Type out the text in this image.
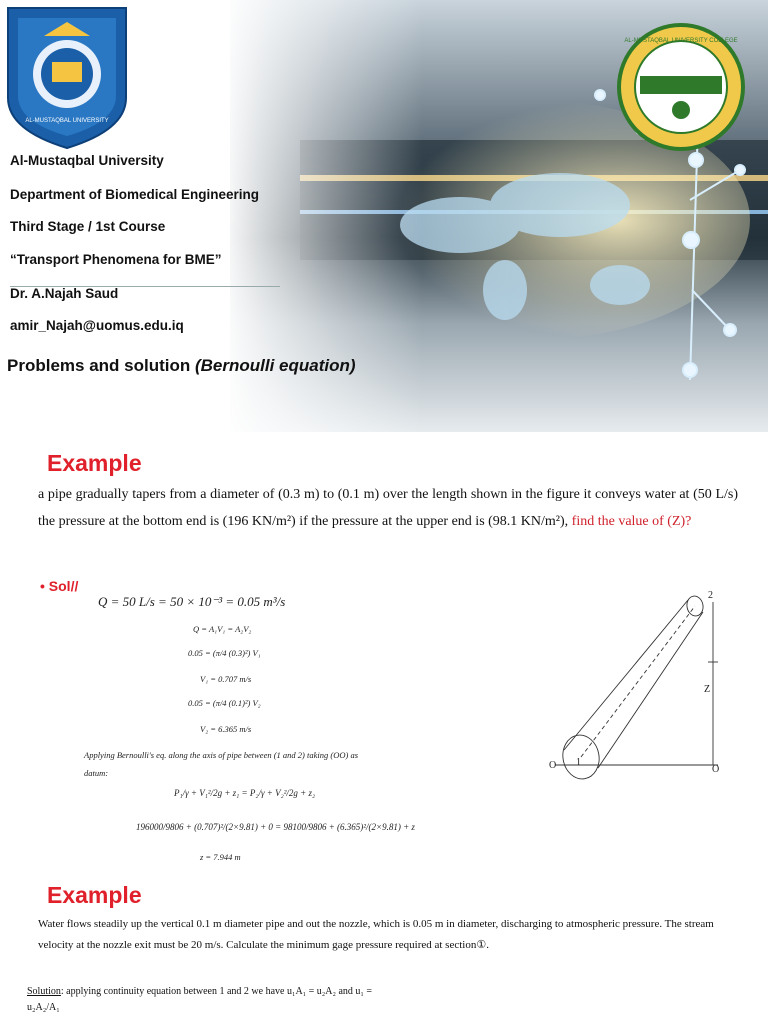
AL-MUSTAQBAL UNIVERSITY
AL-MUSTAQBAL UNIVERSITY COLLEGE
Al-Mustaqbal University
Department of Biomedical Engineering
Third Stage / 1st Course
“Transport Phenomena for BME”
Dr. A.Najah Saud
amir_Najah@uomus.edu.iq
Problems and solution (Bernoulli equation)
Example
a pipe gradually tapers from a diameter of (0.3 m) to (0.1 m) over the length shown in the figure it conveys water at (50 L/s) the pressure at the bottom end is (196 KN/m²) if the pressure at the upper end is (98.1 KN/m²), find the value of (Z)?
• Sol//
Q = 50 L/s = 50 × 10⁻³ = 0.05 m³/s
Q = A₁V₁ = A₂V₂
0.05 = (π/4 (0.3)²) V₁
V₁ = 0.707 m/s
0.05 = (π/4 (0.1)²) V₂
V₂ = 6.365 m/s
Applying Bernoulli's eq. along the axis of pipe between (1 and 2) taking (OO) as datum:
P₁/γ + V₁²/2g + z₁ = P₂/γ + V₂²/2g + z₂
196000/9806 + (0.707)²/(2×9.81) + 0 = 98100/9806 + (6.365)²/(2×9.81) + z
z = 7.944 m
2
Z
O 1
O
Example
Water flows steadily up the vertical 0.1 m diameter pipe and out the nozzle, which is 0.05 m in diameter, discharging to atmospheric pressure. The stream velocity at the nozzle exit must be 20 m/s. Calculate the minimum gage pressure required at section①.
Solution: applying continuity equation between 1 and 2 we have u₁A₁ = u₂A₂ and u₁ = u₂A₂/A₁
